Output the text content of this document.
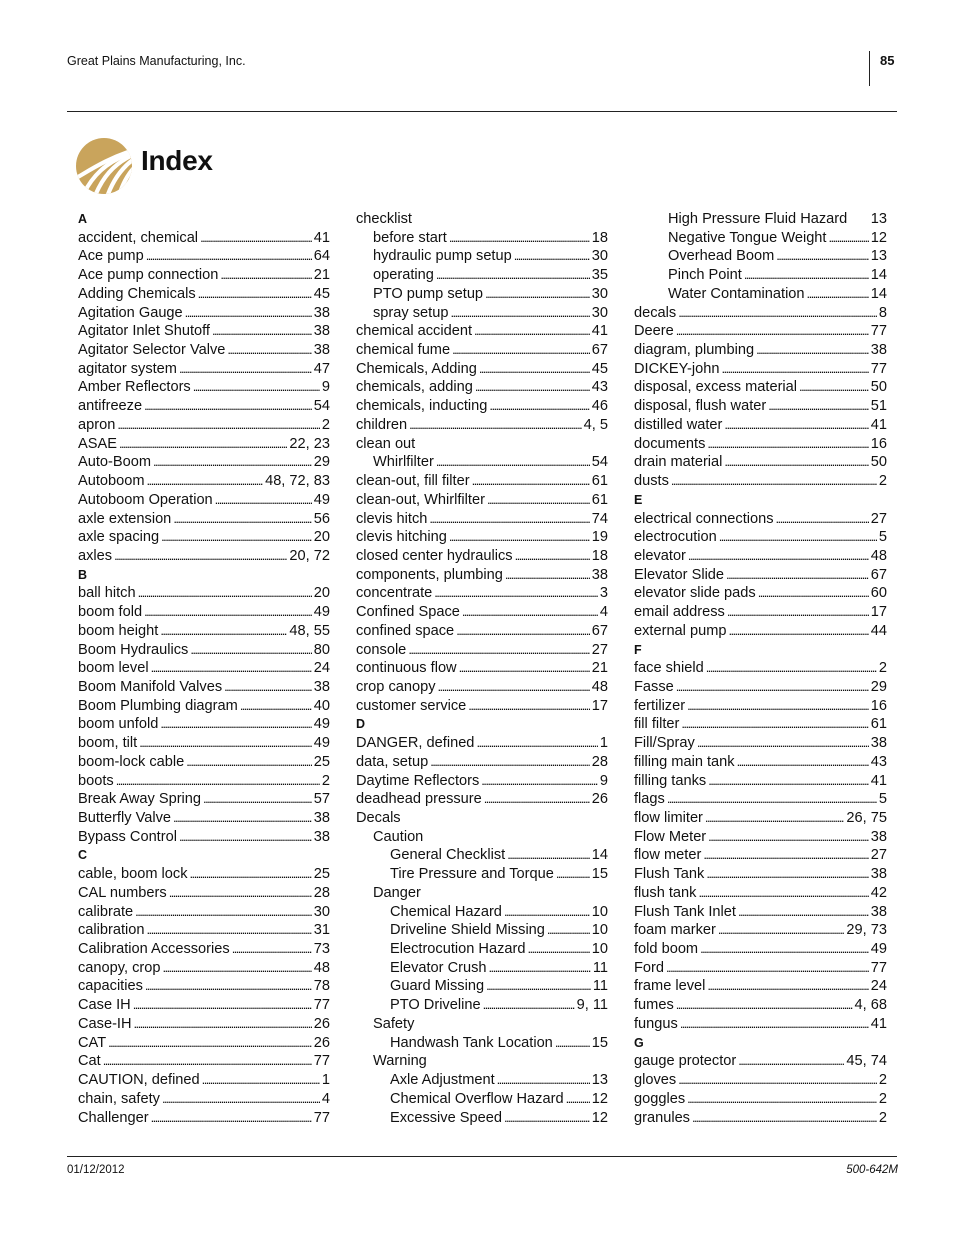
Great Plains Manufacturing, Inc.	85
Index
A
accident, chemical . . .	41
Ace pump . . .	64
Ace pump connection . . .	21
Adding Chemicals . . .	45
Agitation Gauge . . .	38
Agitator Inlet Shutoff . . .	38
Agitator Selector Valve . . .	38
agitator system . . .	47
Amber Reflectors . . .	9
antifreeze . . .	54
apron . . .	2
ASAE . . .	22, 23
Auto-Boom . . .	29
Autoboom . . .	48, 72, 83
Autoboom Operation . . .	49
axle extension . . .	56
axle spacing . . .	20
axles . . .	20, 72
B
ball hitch . . .	20
boom fold . . .	49
boom height . . .	48, 55
Boom Hydraulics . . .	80
boom level . . .	24
Boom Manifold Valves . . .	38
Boom Plumbing diagram . . .	40
boom unfold . . .	49
boom, tilt . . .	49
boom-lock cable . . .	25
boots . . .	2
Break Away Spring . . .	57
Butterfly Valve . . .	38
Bypass Control . . .	38
C
cable, boom lock . . .	25
CAL numbers . . .	28
calibrate . . .	30
calibration . . .	31
Calibration Accessories . . .	73
canopy, crop . . .	48
capacities . . .	78
Case IH . . .	77
Case-IH . . .	26
CAT . . .	26
Cat . . .	77
CAUTION, defined . . .	1
chain, safety . . .	4
Challenger . . .	77
checklist
before start . . .	18
hydraulic pump setup . . .	30
operating . . .	35
PTO pump setup . . .	30
spray setup . . .	30
chemical accident . . .	41
chemical fume . . .	67
Chemicals, Adding . . .	45
chemicals, adding . . .	43
chemicals, inducting . . .	46
children . . .	4, 5
clean out
Whirlfilter . . .	54
clean-out, fill filter . . .	61
clean-out, Whirlfilter . . .	61
clevis hitch . . .	74
clevis hitching . . .	19
closed center hydraulics . . .	18
components, plumbing . . .	38
concentrate . . .	3
Confined Space . . .	4
confined space . . .	67
console . . .	27
continuous flow . . .	21
crop canopy . . .	48
customer service . . .	17
D
DANGER, defined . . .	1
data, setup . . .	28
Daytime Reflectors . . .	9
deadhead pressure . . .	26
Decals
Caution
General Checklist . . .	14
Tire Pressure and Torque . . .	15
Danger
Chemical Hazard . . .	10
Driveline Shield Missing . . .	10
Electrocution Hazard . . .	10
Elevator Crush . . .	11
Guard Missing . . .	11
PTO Driveline . . .	9, 11
Safety
Handwash Tank Location . . .	15
Warning
Axle Adjustment . . .	13
Chemical Overflow Hazard . . . 12
Excessive Speed . . .	12
High Pressure Fluid Hazard 13
Negative Tongue Weight . . .	12
Overhead Boom . . .	13
Pinch Point . . .	14
Water Contamination . . .	14
decals . . .	8
Deere . . .	77
diagram, plumbing . . .	38
DICKEY-john . . .	77
disposal, excess material . . .	50
disposal, flush water . . .	51
distilled water . . .	41
documents . . .	16
drain material . . .	50
dusts . . .	2
E
electrical connections . . .	27
electrocution . . .	5
elevator . . .	48
Elevator Slide . . .	67
elevator slide pads . . .	60
email address . . .	17
external pump . . .	44
F
face shield . . .	2
Fasse . . .	29
fertilizer . . .	16
fill filter . . .	61
Fill/Spray . . .	38
filling main tank . . .	43
filling tanks . . .	41
flags . . .	5
flow limiter . . .	26, 75
Flow Meter . . .	38
flow meter . . .	27
Flush Tank . . .	38
flush tank . . .	42
Flush Tank Inlet . . .	38
foam marker . . .	29, 73
fold boom . . .	49
Ford . . .	77
frame level . . .	24
fumes . . .	4, 68
fungus . . .	41
G
gauge protector . . .	45, 74
gloves . . .	2
goggles . . .	2
granules . . .	2
01/12/2012	500-642M
